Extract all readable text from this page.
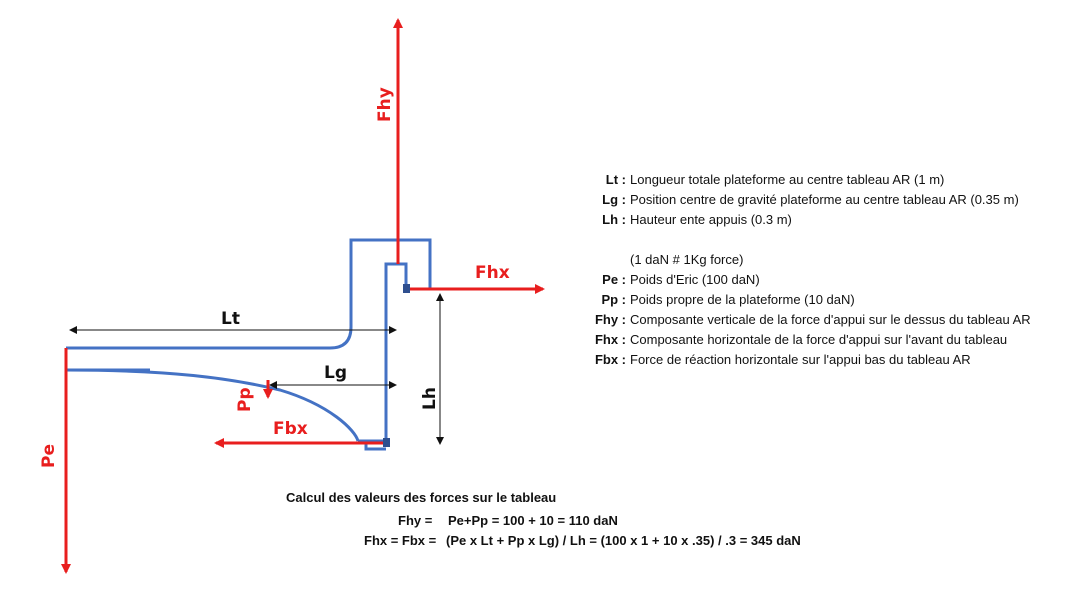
Fhy
Fhx
Fbx
Pe
Pp
Lt
Lg
Lh
Lt : Longueur totale plateforme au centre tableau AR (1 m)
Lg : Position centre de gravité plateforme au centre tableau AR (0.35 m)
Lh : Hauteur ente appuis (0.3 m)
(1 daN # 1Kg force)
Pe : Poids d'Eric (100 daN)
Pp : Poids propre de la plateforme (10 daN)
Fhy : Composante verticale de la force d'appui sur le dessus du tableau AR
Fhx : Composante horizontale de la force d'appui sur l'avant du tableau
Fbx : Force de réaction horizontale sur l'appui bas du tableau AR
Calcul des valeurs des forces sur le tableau
Fhy = Pe+Pp = 100 + 10 = 110 daN
Fhx = Fbx = (Pe x Lt + Pp x Lg) / Lh = (100 x 1 + 10 x .35) / .3 = 345 daN
